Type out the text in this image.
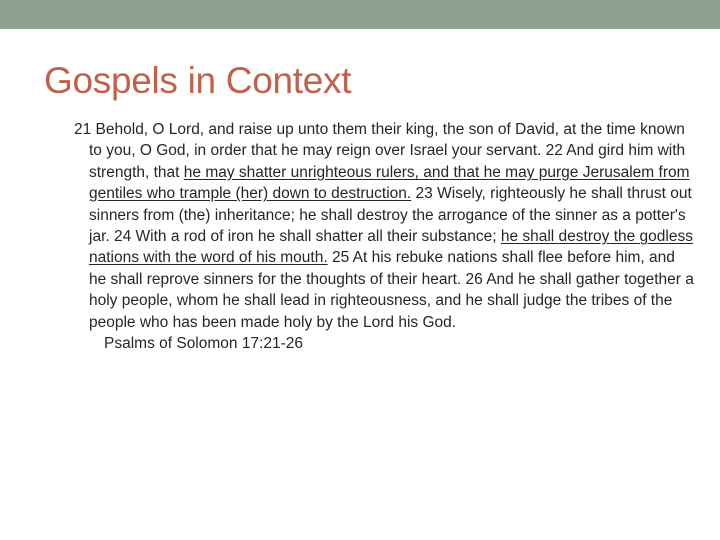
Gospels in Context

21 Behold, O Lord, and raise up unto them their king, the son of David, at the time known to you, O God, in order that he may reign over Israel your servant. 22 And gird him with strength, that he may shatter unrighteous rulers, and that he may purge Jerusalem from gentiles who trample (her) down to destruction. 23 Wisely, righteously he shall thrust out sinners from (the) inheritance; he shall destroy the arrogance of the sinner as a potter's jar. 24 With a rod of iron he shall shatter all their substance; he shall destroy the godless nations with the word of his mouth. 25 At his rebuke nations shall flee before him, and he shall reprove sinners for the thoughts of their heart. 26 And he shall gather together a holy people, whom he shall lead in righteousness, and he shall judge the tribes of the people who has been made holy by the Lord his God.

Psalms of Solomon 17:21-26
